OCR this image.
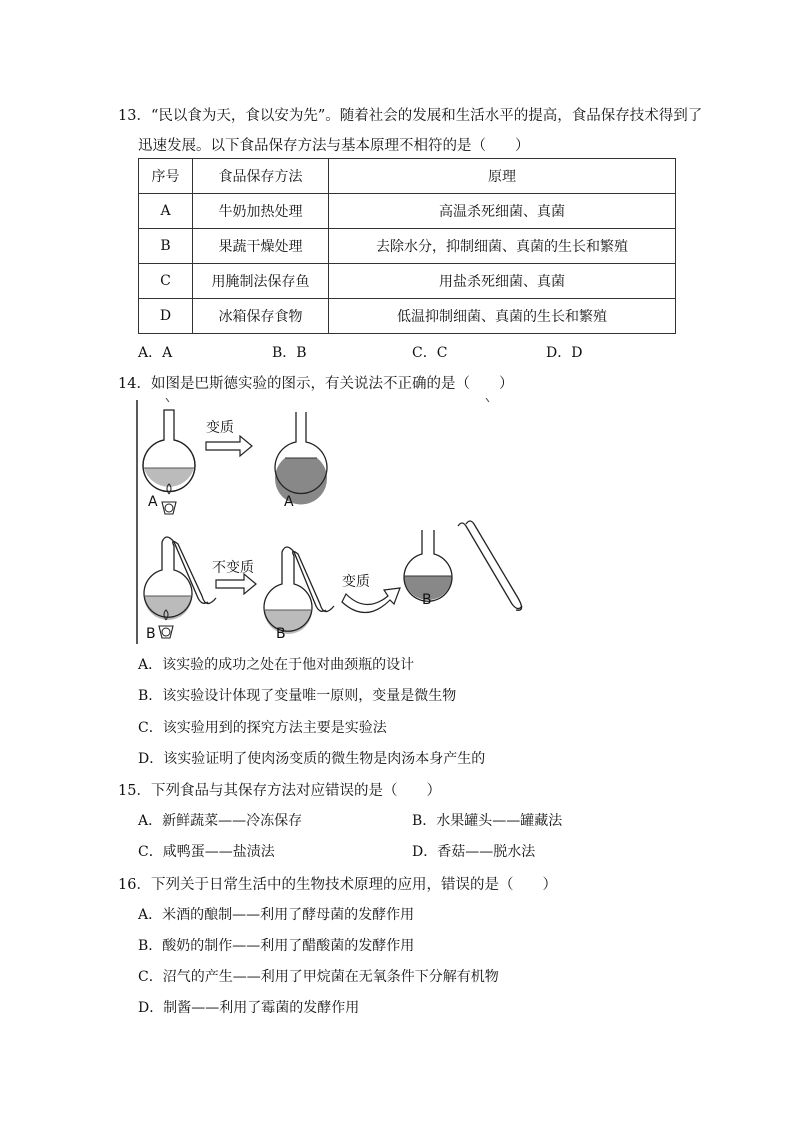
13．“民以食为天，食以安为先”。随着社会的发展和生活水平的提高，食品保存技术得到了
迅速发展。以下食品保存方法与基本原理不相符的是（　　）
序号	食品保存方法	原理
A	牛奶加热处理	高温杀死细菌、真菌
B	果蔬干燥处理	去除水分，抑制细菌、真菌的生长和繁殖
C	用腌制法保存鱼	用盐杀死细菌、真菌
D	冰箱保存食物	低温抑制细菌、真菌的生长和繁殖
A．A	B．B	C．C	D．D
14．如图是巴斯德实验的图示，有关说法不正确的是（　　）
A
变质
A
B
不变质
B
变质
B
A．该实验的成功之处在于他对曲颈瓶的设计
B．该实验设计体现了变量唯一原则，变量是微生物
C．该实验用到的探究方法主要是实验法
D．该实验证明了使肉汤变质的微生物是肉汤本身产生的
15．下列食品与其保存方法对应错误的是（　　）
A．新鲜蔬菜——冷冻保存	B．水果罐头——罐藏法
C．咸鸭蛋——盐渍法	D．香菇——脱水法
16．下列关于日常生活中的生物技术原理的应用，错误的是（　　）
A．米酒的酿制——利用了酵母菌的发酵作用
B．酸奶的制作——利用了醋酸菌的发酵作用
C．沼气的产生——利用了甲烷菌在无氧条件下分解有机物
D．制酱——利用了霉菌的发酵作用
